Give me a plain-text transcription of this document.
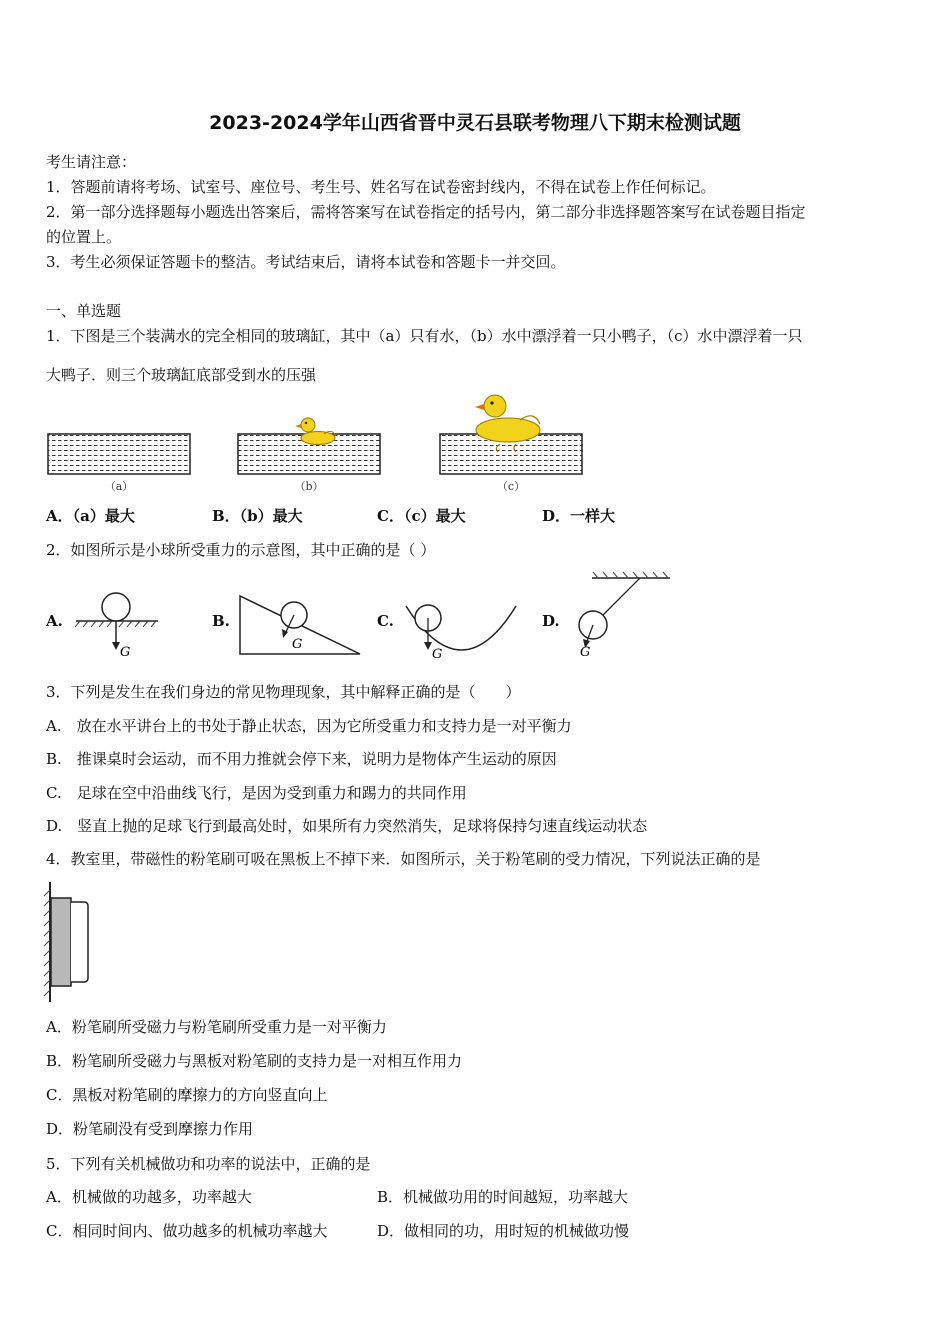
2023-2024学年山西省晋中灵石县联考物理八下期末检测试题
考生请注意：
1．答题前请将考场、试室号、座位号、考生号、姓名写在试卷密封线内，不得在试卷上作任何标记。
2．第一部分选择题每小题选出答案后，需将答案写在试卷指定的括号内，第二部分非选择题答案写在试卷题目指定
的位置上。
3．考生必须保证答题卡的整洁。考试结束后，请将本试卷和答题卡一并交回。
一、单选题
1．下图是三个装满水的完全相同的玻璃缸，其中（a）只有水，（b）水中漂浮着一只小鸭子，（c）水中漂浮着一只
大鸭子．则三个玻璃缸底部受到水的压强
（a）	（b）	（c）
A．（a）最大	B．（b）最大	C．（c）最大	D．一样大
2．如图所示是小球所受重力的示意图，其中正确的是（ ）
A.	B.	C.	D.
G
G
G	G
3．下列是发生在我们身边的常见物理现象，其中解释正确的是（　　）
A.　放在水平讲台上的书处于静止状态，因为它所受重力和支持力是一对平衡力
B.　推课桌时会运动，而不用力推就会停下来，说明力是物体产生运动的原因
C.　足球在空中沿曲线飞行，是因为受到重力和踢力的共同作用
D.　竖直上抛的足球飞行到最高处时，如果所有力突然消失，足球将保持匀速直线运动状态
4．教室里，带磁性的粉笔刷可吸在黑板上不掉下来．如图所示，关于粉笔刷的受力情况，下列说法正确的是
A．粉笔刷所受磁力与粉笔刷所受重力是一对平衡力
B．粉笔刷所受磁力与黑板对粉笔刷的支持力是一对相互作用力
C．黑板对粉笔刷的摩擦力的方向竖直向上
D．粉笔刷没有受到摩擦力作用
5．下列有关机械做功和功率的说法中，正确的是
A．机械做的功越多，功率越大	B．机械做功用的时间越短，功率越大
C．相同时间内、做功越多的机械功率越大	D．做相同的功，用时短的机械做功慢
